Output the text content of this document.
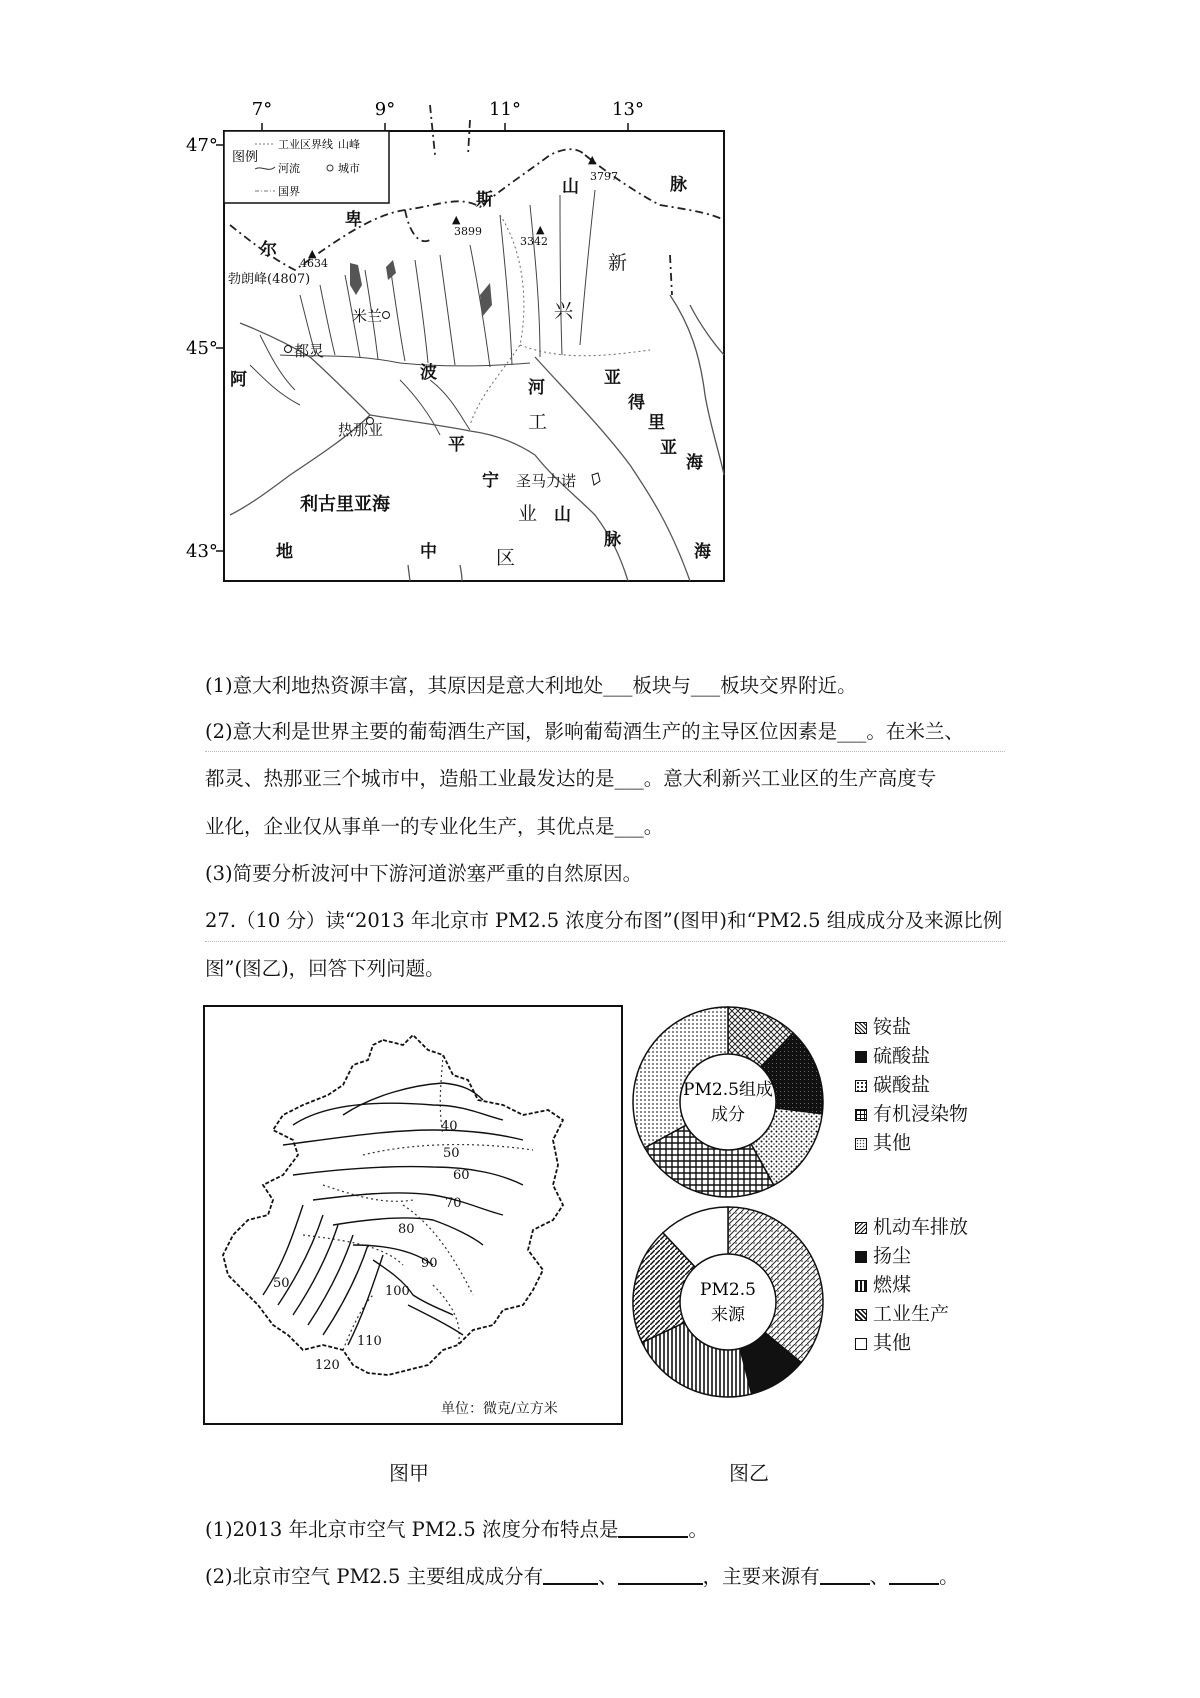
7°	9°	11°	13°
47°
45°
43°
图例
工业区界线 山峰
河流	城市
国界
▲
3797
▲
3899	▲
3342
▲
4634
勃朗峰(4807)
米兰
都灵
热那亚
圣马力诺
阿
尔
卑
斯
山	脉
新
兴
亚
得
里
亚
海
波
河
工
平
宁
业 山
脉
利古里亚海
地	中	区	海
(1)意大利地热资源丰富，其原因是意大利地处___板块与___板块交界附近。
(2)意大利是世界主要的葡萄酒生产国，影响葡萄酒生产的主导区位因素是___。在米兰、
都灵、热那亚三个城市中，造船工业最发达的是___。意大利新兴工业区的生产高度专
业化，企业仅从事单一的专业化生产，其优点是___。
(3)简要分析波河中下游河道淤塞严重的自然原因。
27.（10 分）读“2013 年北京市 PM2.5 浓度分布图”(图甲)和“PM2.5 组成成分及来源比例
图”(图乙)，回答下列问题。
40
50
60
70
80
90
100
110
120
50
单位：微克/立方米
图甲
PM2.5组成
成分
PM2.5
来源
铵盐
硫酸盐
碳酸盐
有机浸染物
其他
机动车排放
扬尘
燃煤
工业生产
其他
图乙
(1)2013 年北京市空气 PM2.5 浓度分布特点是	。
(2)北京市空气 PM2.5 主要组成成分有	、	，主要来源有	、	。
